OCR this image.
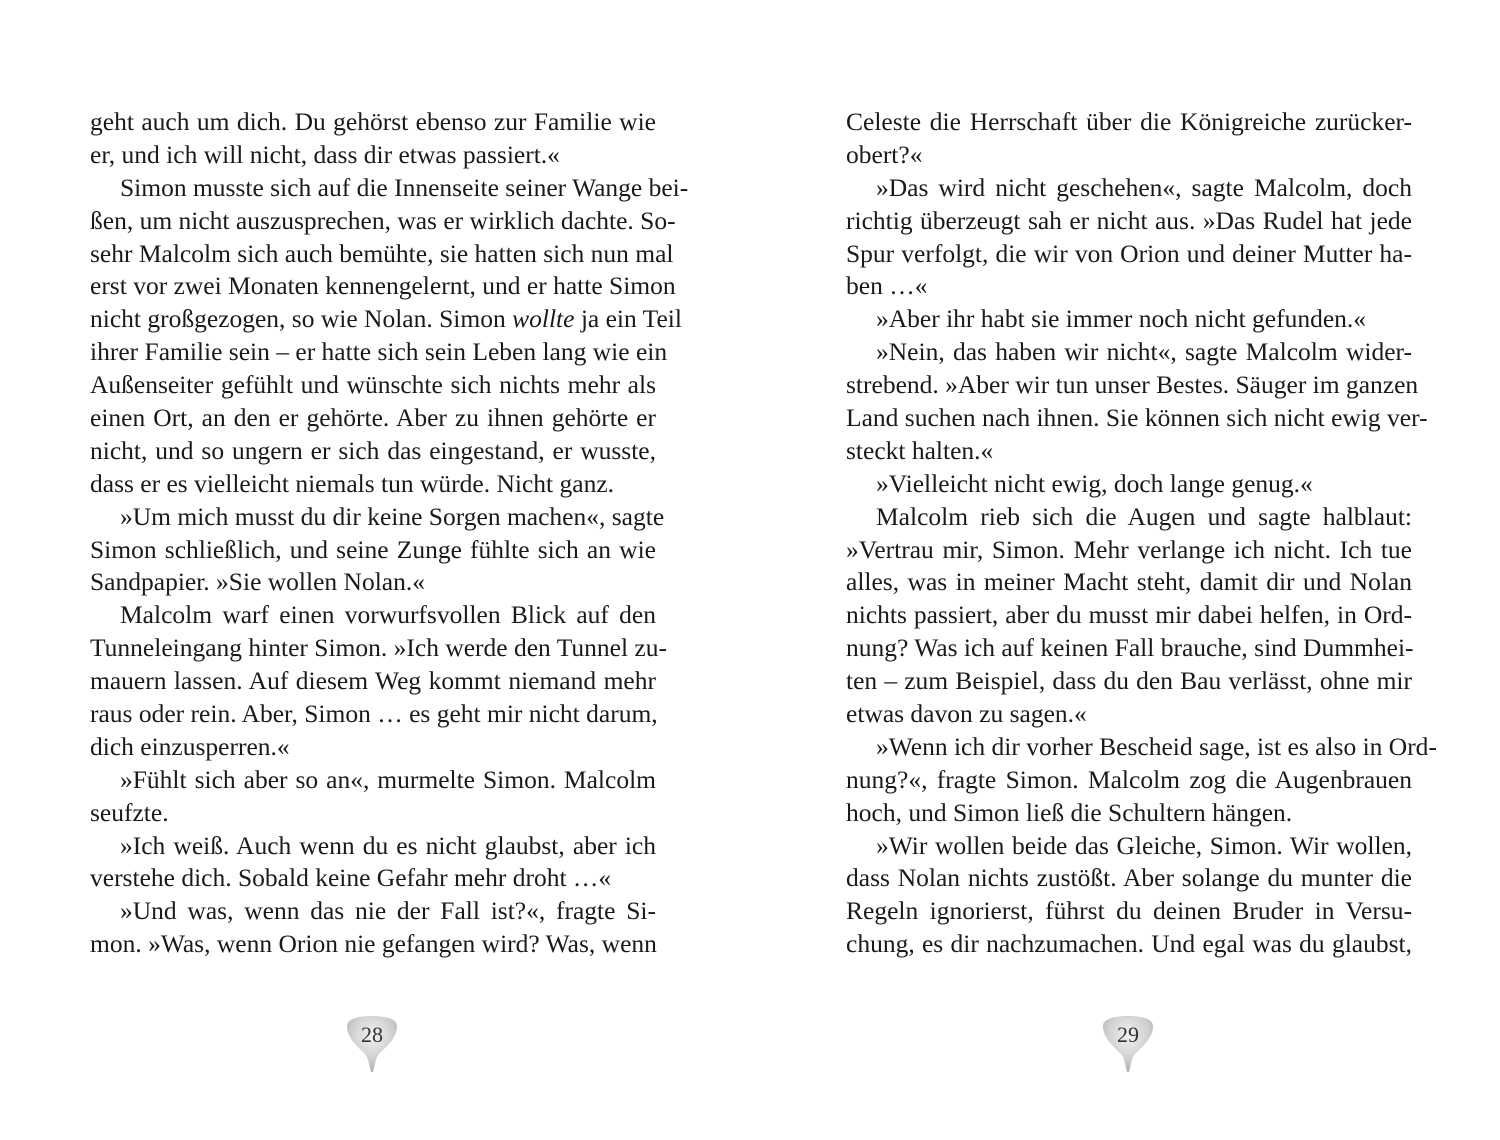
geht auch um dich. Du gehörst ebenso zur Familie wie
er, und ich will nicht, dass dir etwas passiert.«
Simon musste sich auf die Innenseite seiner Wange bei-
ßen, um nicht auszusprechen, was er wirklich dachte. So-
sehr Malcolm sich auch bemühte, sie hatten sich nun mal
erst vor zwei Monaten kennengelernt, und er hatte Simon
nicht großgezogen, so wie Nolan. Simon wollte ja ein Teil
ihrer Familie sein – er hatte sich sein Leben lang wie ein
Außenseiter gefühlt und wünschte sich nichts mehr als
einen Ort, an den er gehörte. Aber zu ihnen gehörte er
nicht, und so ungern er sich das eingestand, er wusste,
dass er es vielleicht niemals tun würde. Nicht ganz.
»Um mich musst du dir keine Sorgen machen«, sagte
Simon schließlich, und seine Zunge fühlte sich an wie
Sandpapier. »Sie wollen Nolan.«
Malcolm warf einen vorwurfsvollen Blick auf den
Tunneleingang hinter Simon. »Ich werde den Tunnel zu-
mauern lassen. Auf diesem Weg kommt niemand mehr
raus oder rein. Aber, Simon … es geht mir nicht darum,
dich einzusperren.«
»Fühlt sich aber so an«, murmelte Simon. Malcolm
seufzte.
»Ich weiß. Auch wenn du es nicht glaubst, aber ich
verstehe dich. Sobald keine Gefahr mehr droht …«
»Und was, wenn das nie der Fall ist?«, fragte Si-
mon. »Was, wenn Orion nie gefangen wird? Was, wenn
Celeste die Herrschaft über die Königreiche zurücker-
obert?«
»Das wird nicht geschehen«, sagte Malcolm, doch
richtig überzeugt sah er nicht aus. »Das Rudel hat jede
Spur verfolgt, die wir von Orion und deiner Mutter ha-
ben …«
»Aber ihr habt sie immer noch nicht gefunden.«
»Nein, das haben wir nicht«, sagte Malcolm wider-
strebend. »Aber wir tun unser Bestes. Säuger im ganzen
Land suchen nach ihnen. Sie können sich nicht ewig ver-
steckt halten.«
»Vielleicht nicht ewig, doch lange genug.«
Malcolm rieb sich die Augen und sagte halblaut:
»Vertrau mir, Simon. Mehr verlange ich nicht. Ich tue
alles, was in meiner Macht steht, damit dir und Nolan
nichts passiert, aber du musst mir dabei helfen, in Ord-
nung? Was ich auf keinen Fall brauche, sind Dummhei-
ten – zum Beispiel, dass du den Bau verlässt, ohne mir
etwas davon zu sagen.«
»Wenn ich dir vorher Bescheid sage, ist es also in Ord-
nung?«, fragte Simon. Malcolm zog die Augenbrauen
hoch, und Simon ließ die Schultern hängen.
»Wir wollen beide das Gleiche, Simon. Wir wollen,
dass Nolan nichts zustößt. Aber solange du munter die
Regeln ignorierst, führst du deinen Bruder in Versu-
chung, es dir nachzumachen. Und egal was du glaubst,
28	29
